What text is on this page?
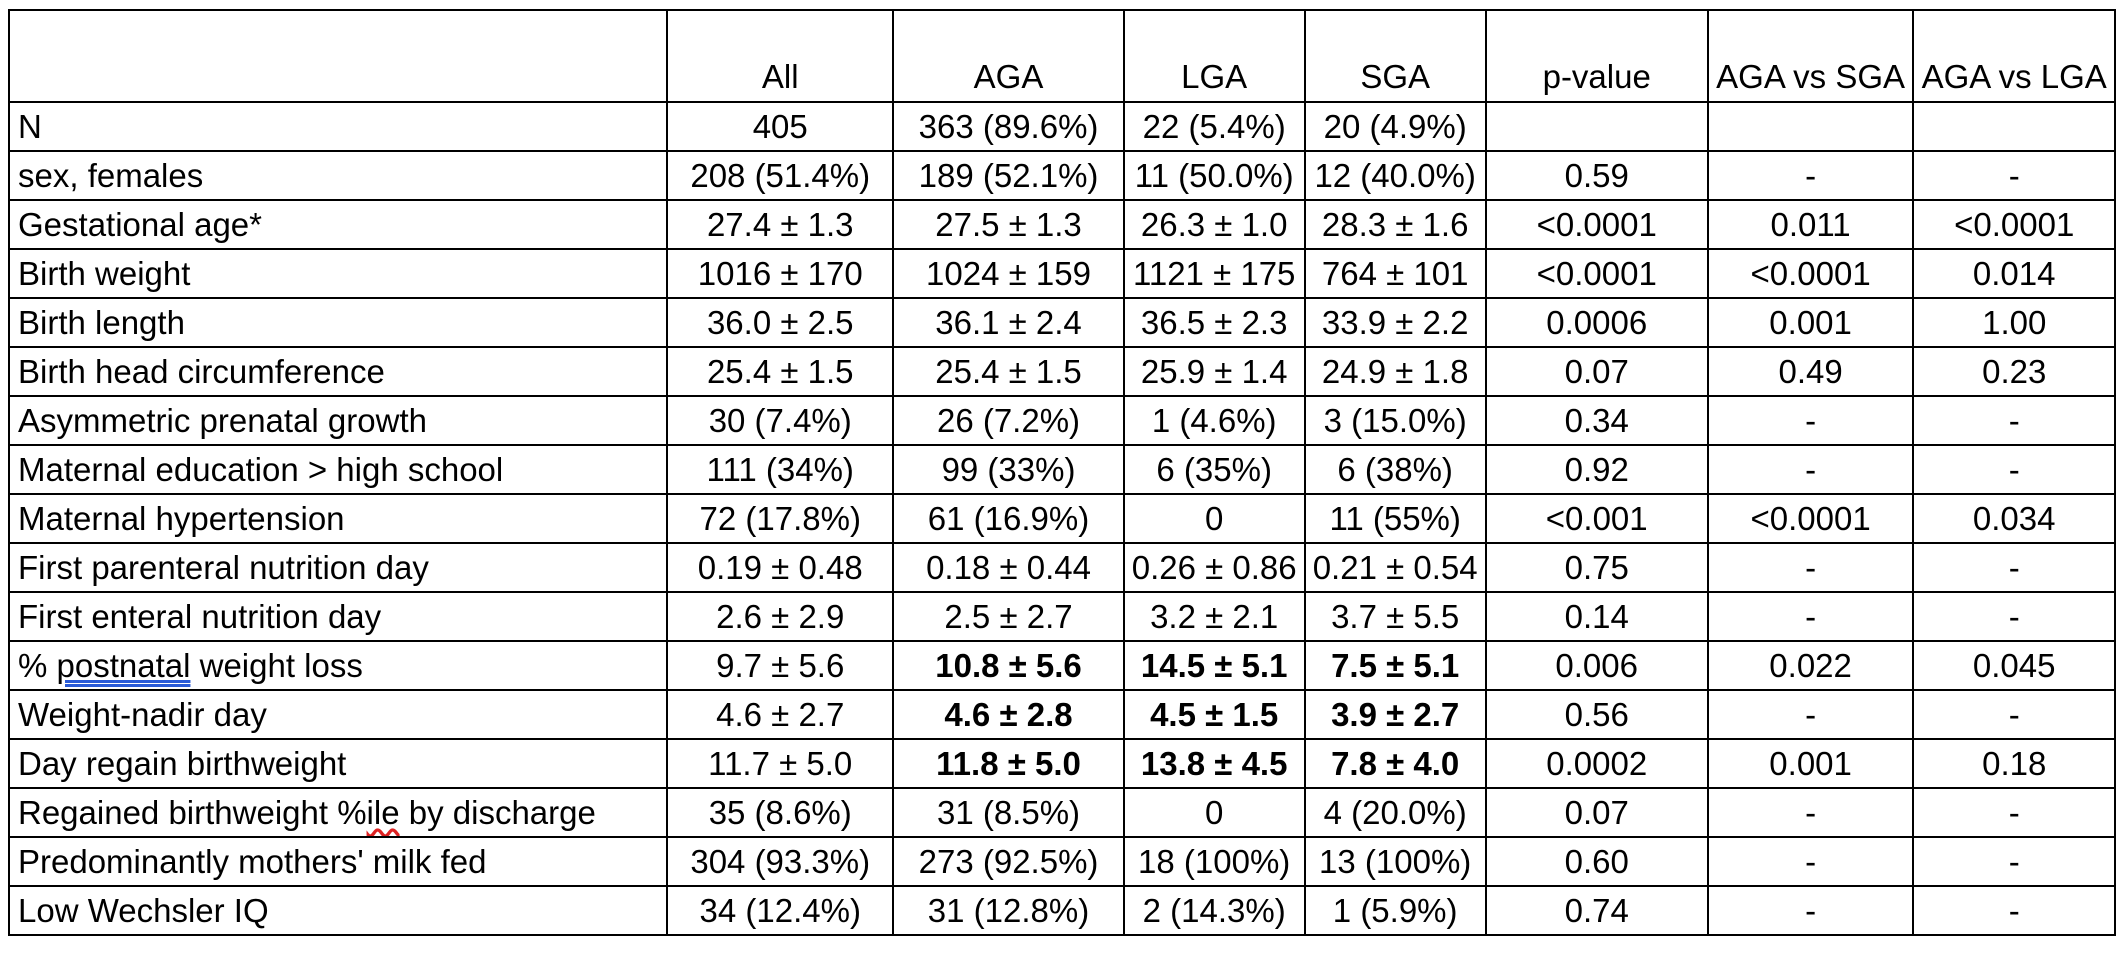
	All	AGA	LGA	SGA	p-value	AGA vs SGA	AGA vs LGA
N	405	363 (89.6%)	22 (5.4%)	20 (4.9%)			
sex, females	208 (51.4%)	189 (52.1%)	11 (50.0%)	12 (40.0%)	0.59	-	-
Gestational age*	27.4 ± 1.3	27.5 ± 1.3	26.3 ± 1.0	28.3 ± 1.6	<0.0001	0.011	<0.0001
Birth weight	1016 ± 170	1024 ± 159	1121 ± 175	764 ± 101	<0.0001	<0.0001	0.014
Birth length	36.0 ± 2.5	36.1 ± 2.4	36.5 ± 2.3	33.9 ± 2.2	0.0006	0.001	1.00
Birth head circumference	25.4 ± 1.5	25.4 ± 1.5	25.9 ± 1.4	24.9 ± 1.8	0.07	0.49	0.23
Asymmetric prenatal growth	30 (7.4%)	26 (7.2%)	1 (4.6%)	3 (15.0%)	0.34	-	-
Maternal education > high school	111 (34%)	99 (33%)	6 (35%)	6 (38%)	0.92	-	-
Maternal hypertension	72 (17.8%)	61 (16.9%)	0	11 (55%)	<0.001	<0.0001	0.034
First parenteral nutrition day	0.19 ± 0.48	0.18 ± 0.44	0.26 ± 0.86	0.21 ± 0.54	0.75	-	-
First enteral nutrition day	2.6 ± 2.9	2.5 ± 2.7	3.2 ± 2.1	3.7 ± 5.5	0.14	-	-
% postnatal weight loss	9.7 ± 5.6	10.8 ± 5.6	14.5 ± 5.1	7.5 ± 5.1	0.006	0.022	0.045
Weight-nadir day	4.6 ± 2.7	4.6 ± 2.8	4.5 ± 1.5	3.9 ± 2.7	0.56	-	-
Day regain birthweight	11.7 ± 5.0	11.8 ± 5.0	13.8 ± 4.5	7.8 ± 4.0	0.0002	0.001	0.18
Regained birthweight %ile by discharge	35 (8.6%)	31 (8.5%)	0	4 (20.0%)	0.07	-	-
Predominantly mothers' milk fed	304 (93.3%)	273 (92.5%)	18 (100%)	13 (100%)	0.60	-	-
Low Wechsler IQ	34 (12.4%)	31 (12.8%)	2 (14.3%)	1 (5.9%)	0.74	-	-
